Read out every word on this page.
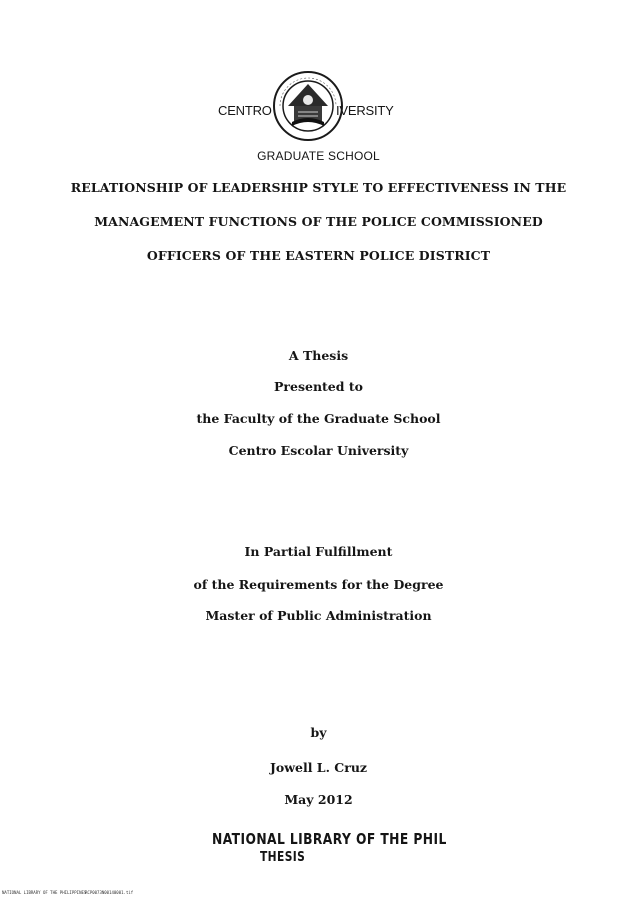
CENTRO	IVERSITY
GRADUATE SCHOOL
RELATIONSHIP OF LEADERSHIP STYLE TO EFFECTIVENESS IN THE
MANAGEMENT FUNCTIONS OF THE POLICE COMMISSIONED
OFFICERS OF THE EASTERN POLICE DISTRICT
A Thesis
Presented to
the Faculty of the Graduate School
Centro Escolar University
In Partial Fulfillment
of the Requirements for the Degree
Master of Public Administration
by
Jowell L. Cruz
May 2012
NATIONAL LIBRARY OF THE PHIL
THESIS
NATIONAL LIBRARY OF THE PHILIPPINES
RCP0073N00140001.tif
